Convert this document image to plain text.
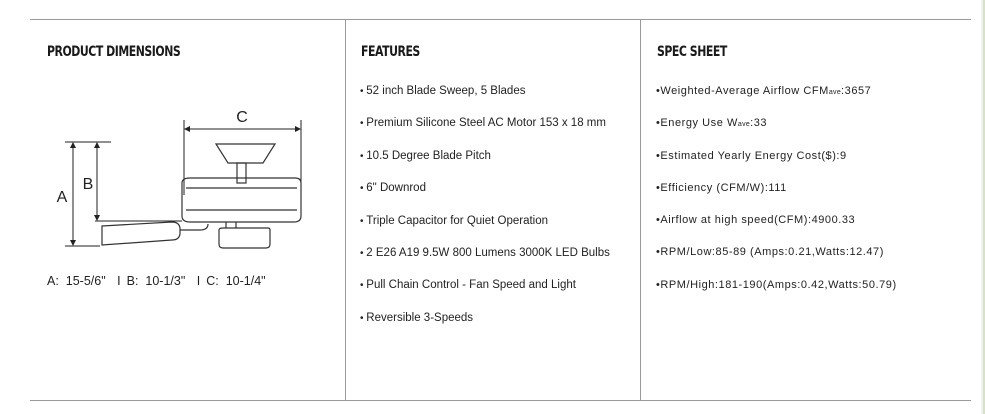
PRODUCT DIMENSIONS
C
A
B
A:  15-5/6" I B:  10-1/3" I C:  10-1/4"
FEATURES
• 52 inch Blade Sweep, 5 Blades
• Premium Silicone Steel AC Motor 153 x 18 mm
• 10.5 Degree Blade Pitch
• 6" Downrod
• Triple Capacitor for Quiet Operation
• 2 E26 A19 9.5W 800 Lumens 3000K LED Bulbs
• Pull Chain Control - Fan Speed and Light
• Reversible 3-Speeds
SPEC SHEET
• Weighted-Average Airflow CFMave:3657
• Energy Use Wave:33
• Estimated Yearly Energy Cost($):9
• Efficiency (CFM/W):111
• Airflow at high speed(CFM):4900.33
• RPM/Low:85-89 (Amps:0.21,Watts:12.47)
• RPM/High:181-190(Amps:0.42,Watts:50.79)
